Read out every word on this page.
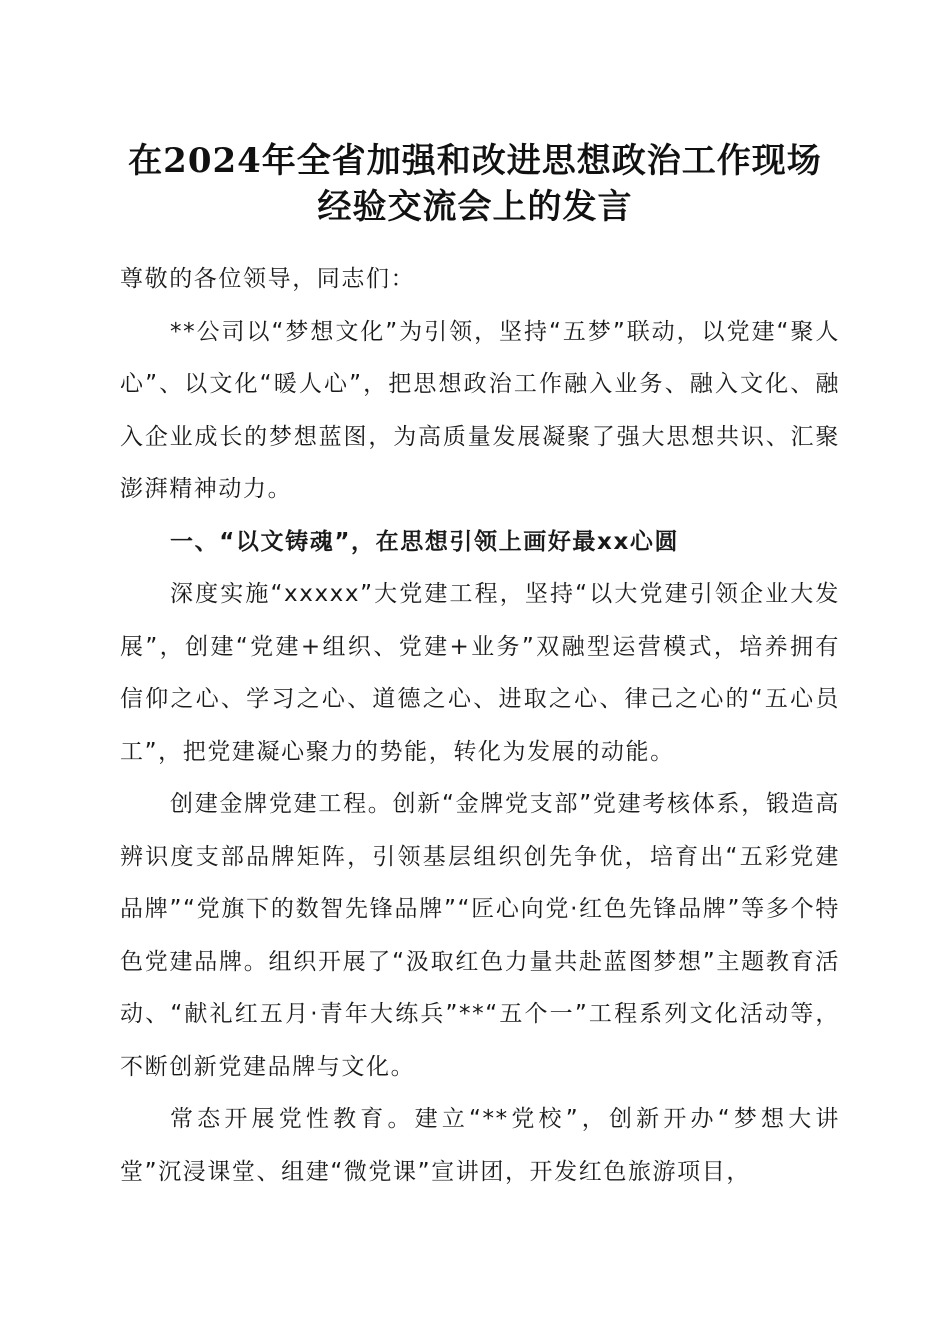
在2024年全省加强和改进思想政治工作现场
经验交流会上的发言

尊敬的各位领导，同志们：

**公司以“梦想文化”为引领，坚持“五梦”联动，以党建“聚人心”、以文化“暖人心”，把思想政治工作融入业务、融入文化、融入企业成长的梦想蓝图，为高质量发展凝聚了强大思想共识、汇聚澎湃精神动力。

一、“以文铸魂”，在思想引领上画好最xx心圆

深度实施“xxxxx”大党建工程，坚持“以大党建引领企业大发展”，创建“党建+组织、党建+业务”双融型运营模式，培养拥有信仰之心、学习之心、道德之心、进取之心、律己之心的“五心员工”，把党建凝心聚力的势能，转化为发展的动能。

创建金牌党建工程。创新“金牌党支部”党建考核体系，锻造高辨识度支部品牌矩阵，引领基层组织创先争优，培育出“五彩党建品牌”“党旗下的数智先锋品牌”“匠心向党·红色先锋品牌”等多个特色党建品牌。组织开展了“汲取红色力量共赴蓝图梦想”主题教育活动、“献礼红五月·青年大练兵”**“五个一”工程系列文化活动等，不断创新党建品牌与文化。

常态开展党性教育。建立“**党校”，创新开办“梦想大讲堂”沉浸课堂、组建“微党课”宣讲团，开发红色旅游项目，
